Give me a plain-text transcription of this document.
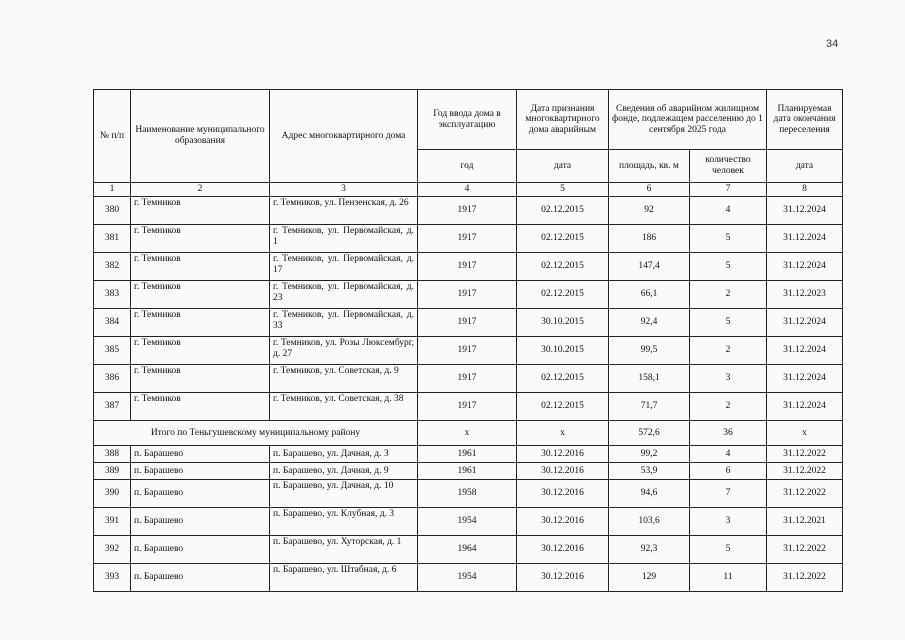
34
№ п/п	Наименование муниципального образования	Адрес многоквартирного дома	Год ввода дома в эксплуатацию	Дата признания многоквартирного дома аварийным	Сведения об аварийном жилищном фонде, подлежащем расселению до 1 сентября 2025 года		Планируемая дата окончания переселения
			год	дата	площадь, кв. м	количество человек	дата
1	2	3	4	5	6	7	8
380	г. Темников	г. Темников, ул. Пензенская, д. 26	1917	02.12.2015	92	4	31.12.2024
381	г. Темников	г. Темников, ул. Первомайская, д. 1	1917	02.12.2015	186	5	31.12.2024
382	г. Темников	г. Темников, ул. Первомайская, д. 17	1917	02.12.2015	147,4	5	31.12.2024
383	г. Темников	г. Темников, ул. Первомайская, д. 23	1917	02.12.2015	66,1	2	31.12.2023
384	г. Темников	г. Темников, ул. Первомайская, д. 33	1917	30.10.2015	92,4	5	31.12.2024
385	г. Темников	г. Темников, ул. Розы Люксембург, д. 27	1917	30.10.2015	99,5	2	31.12.2024
386	г. Темников	г. Темников, ул. Советская, д. 9	1917	02.12.2015	158,1	3	31.12.2024
387	г. Темников	г. Темников, ул. Советская, д. 38	1917	02.12.2015	71,7	2	31.12.2024
Итого по Теньгушевскому муниципальному району			х	х	572,6	36	х
388	п. Барашево	п. Барашево, ул. Дачная, д. 3	1961	30.12.2016	99,2	4	31.12.2022
389	п. Барашево	п. Барашево, ул. Дачная, д. 9	1961	30.12.2016	53,9	6	31.12.2022
390	п. Барашево	п. Барашево, ул. Дачная, д. 10	1958	30.12.2016	94,6	7	31.12.2022
391	п. Барашево	п. Барашево, ул. Клубная, д. 3	1954	30.12.2016	103,6	3	31.12.2021
392	п. Барашево	п. Барашево, ул. Хуторская, д. 1	1964	30.12.2016	92,3	5	31.12.2022
393	п. Барашево	п. Барашево, ул. Штабная, д. 6	1954	30.12.2016	129	11	31.12.2022
